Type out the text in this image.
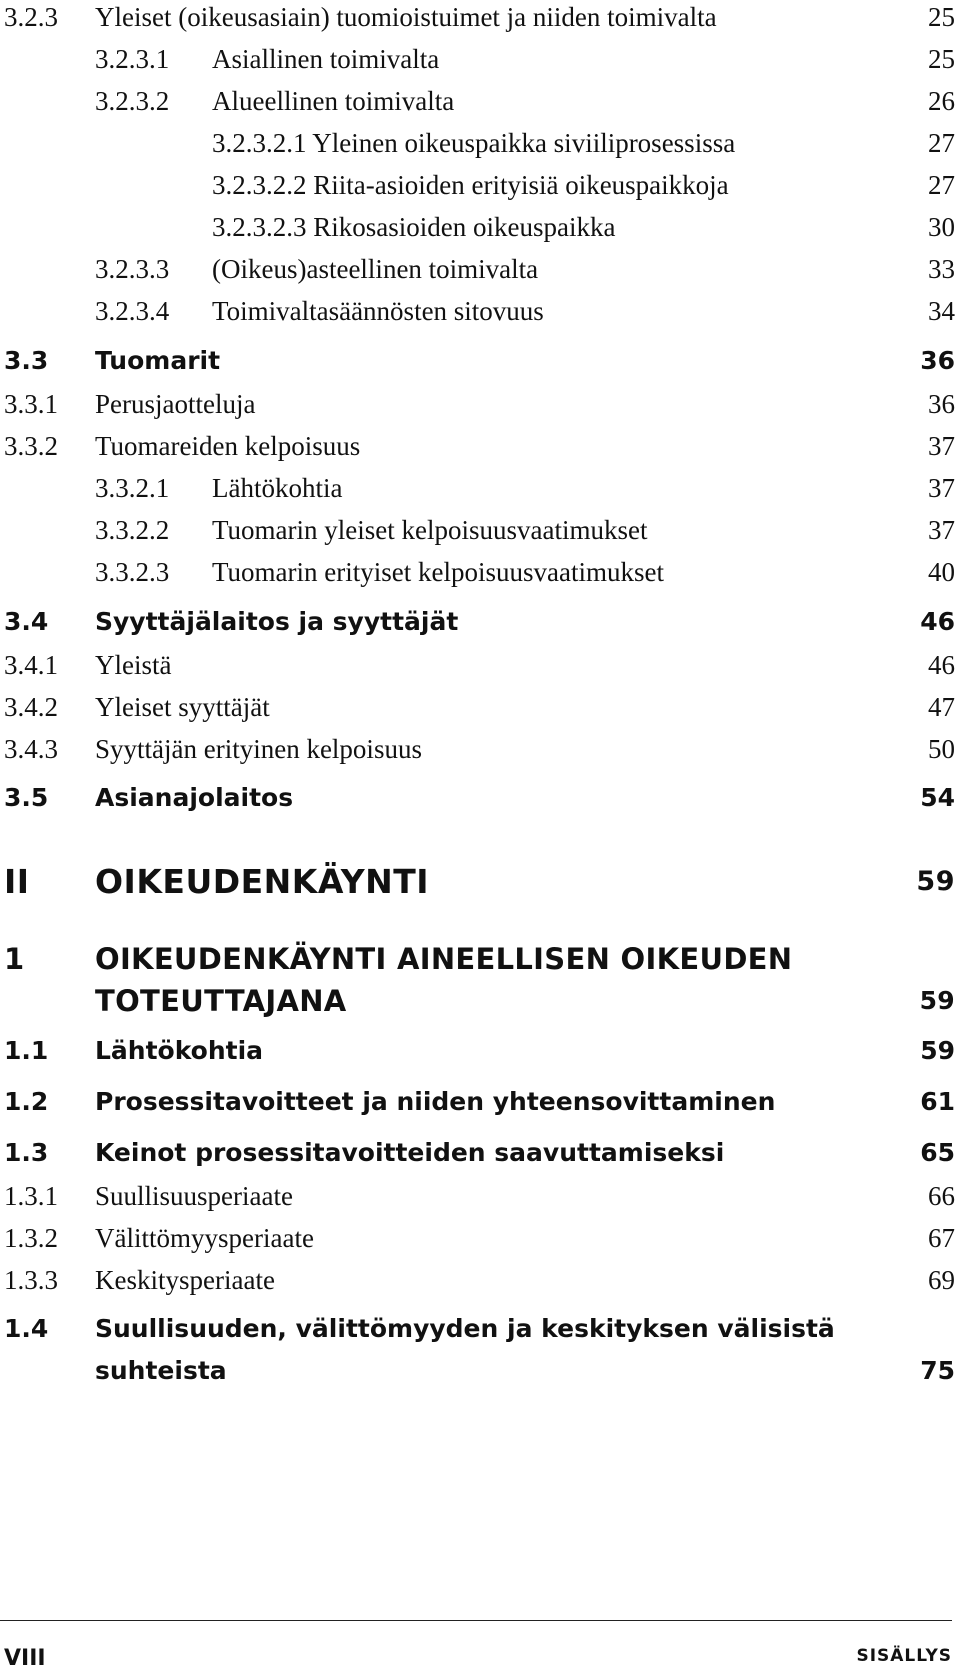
3.2.3 Yleiset (oikeusasiain) tuomioistuimet ja niiden toimivalta	25
3.2.3.1 Asiallinen toimivalta	25
3.2.3.2 Alueellinen toimivalta	26
3.2.3.2.1 Yleinen oikeuspaikka siviiliprosessissa	27
3.2.3.2.2 Riita-asioiden erityisiä oikeuspaikkoja	27
3.2.3.2.3 Rikosasioiden oikeuspaikka	30
3.2.3.3 (Oikeus)asteellinen toimivalta	33
3.2.3.4 Toimivaltasäännösten sitovuus	34
3.3 Tuomarit	36
3.3.1 Perusjaotteluja	36
3.3.2 Tuomareiden kelpoisuus	37
3.3.2.1 Lähtökohtia	37
3.3.2.2 Tuomarin yleiset kelpoisuusvaatimukset	37
3.3.2.3 Tuomarin erityiset kelpoisuusvaatimukset	40
3.4 Syyttäjälaitos ja syyttäjät	46
3.4.1 Yleistä	46
3.4.2 Yleiset syyttäjät	47
3.4.3 Syyttäjän erityinen kelpoisuus	50
3.5 Asianajolaitos	54
II OIKEUDENKÄYNTI	59
1 OIKEUDENKÄYNTI AINEELLISEN OIKEUDEN
TOTEUTTAJANA	59
1.1 Lähtökohtia	59
1.2 Prosessitavoitteet ja niiden yhteensovittaminen	61
1.3 Keinot prosessitavoitteiden saavuttamiseksi	65
1.3.1 Suullisuusperiaate	66
1.3.2 Välittömyysperiaate	67
1.3.3 Keskitysperiaate	69
1.4 Suullisuuden, välittömyyden ja keskityksen välisistä
suhteista	75
VIII	SISÄLLYS
